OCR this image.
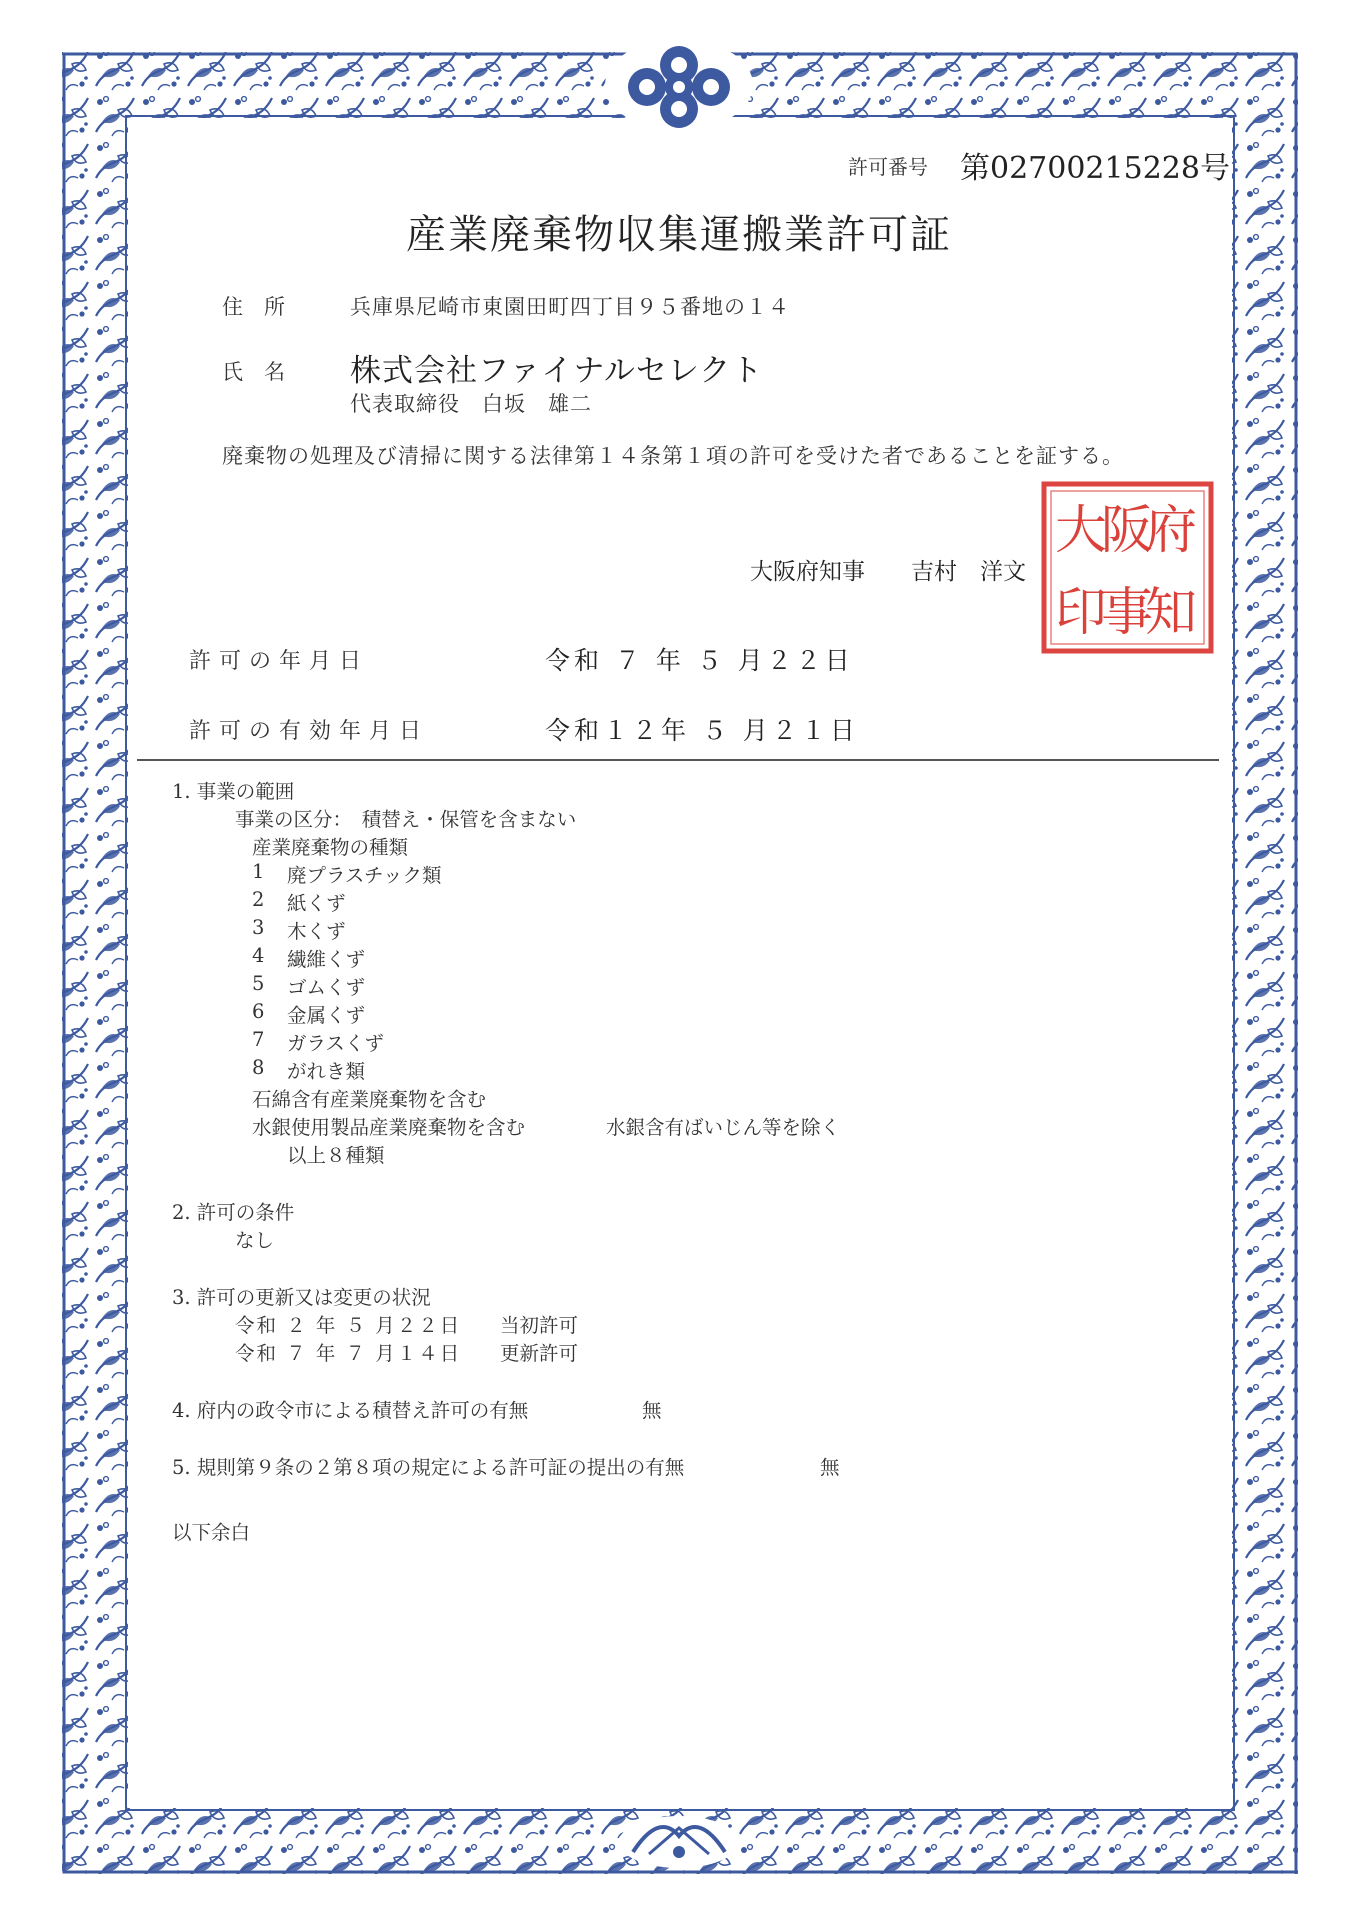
許可番号 第02700215228号
産業廃棄物収集運搬業許可証
住　所	兵庫県尼崎市東園田町四丁目９５番地の１４
氏　名 株式会社ファイナルセレクト
代表取締役　白坂　雄二
廃棄物の処理及び清掃に関する法律第１４条第１項の許可を受けた者であることを証する。
府
知
阪
事
大
印
大阪府知事　　吉村　洋文
許可の年月日	令和 ７ 年 ５ 月２２日
許可の有効年月日	令和１２年 ５ 月２１日
1. 事業の範囲
事業の区分：　積替え・保管を含まない
産業廃棄物の種類
1 廃プラスチック類
2 紙くず
3 木くず
4 繊維くず
5 ゴムくず
6 金属くず
7 ガラスくず
8 がれき類
石綿含有産業廃棄物を含む
水銀使用製品産業廃棄物を含む	水銀含有ばいじん等を除く
以上８種類
2. 許可の条件
なし
3. 許可の更新又は変更の状況
令和 ２ 年 ５ 月２２日 当初許可
令和 ７ 年 ７ 月１４日 更新許可
4. 府内の政令市による積替え許可の有無	無
5. 規則第９条の２第８項の規定による許可証の提出の有無	無
以下余白
